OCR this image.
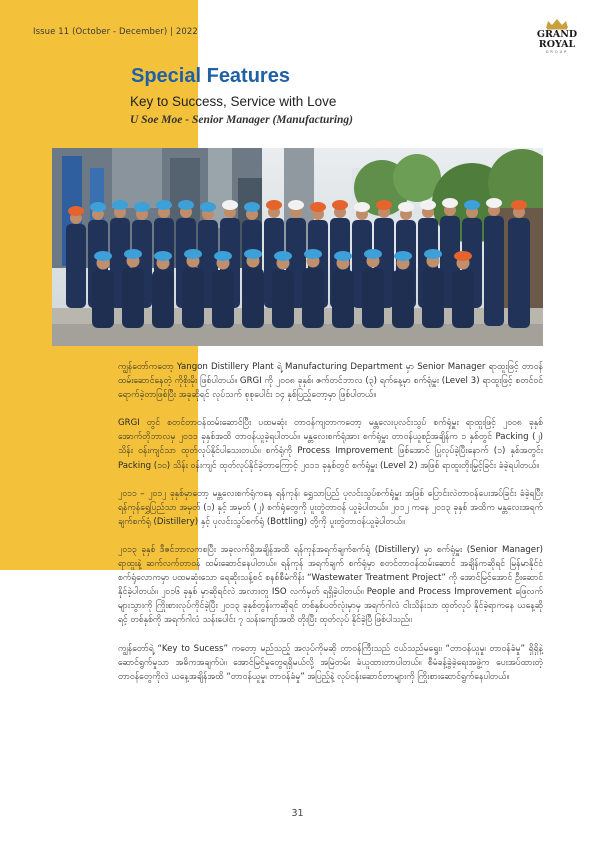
Issue 11 (October - December) | 2022	GRAND
ROYAL
GROUP
Special Features
Key to Success, Service with Love
U Soe Moe - Senior Manager (Manufacturing)

ကျွန်တော်ကတော့ Yangon Distillery Plant ရဲ့ Manufacturing Department မှာ Senior Manager ရာထူးဖြင့် တာဝန်ထမ်းဆောင်နေတဲ့ ကိုစိုးမိုး ဖြစ်ပါတယ်။ GRGI ကို ၂၀၀၈ ခုနှစ်၊ ဇက်တင်ဘာလ (၃) ရက်နေ့မှာ စက်ရုံမှူး (Level 3) ရာထူးဖြင့် စတင်ဝင်ရောက်ခဲ့တာဖြစ်ပြီး အခုဆိုရင် လုပ်သက် စုစုပေါင်း ၁၄ နှစ်ပြည့်တော့မှာ ဖြစ်ပါတယ်။

GRGI တွင် စတင်တာဝန်ထမ်းဆောင်ပြီး ပထမဆုံး တာဝန်ကျတာကတော့ မန္တလေးပုလင်းသွပ် စက်ရုံမှူး ရာထူးဖြင့် ၂၀၀၈ ခုနှစ် အောက်တိုဘာလမှ ၂၀၁၁ ခုနှစ်အထိ တာဝန်ယူခဲ့ရပါတယ်။ မန္တလေးစက်ရုံအား စက်ရုံမှူး တာဝန်ယူစဉ်အချိန်က ၁ နှစ်တွင် Packing (၂) သိန်း ဝန်းကျင်သာ ထုတ်လုပ်နိုင်ပါသေးတယ်။ စက်ရုံကို Process Improvement ဖြစ်အောင် ပြုလုပ်ခဲ့ပြီးနောက် (၁) နှစ်အတွင်း Packing (၁၀) သိန်း ဝန်းကျင် ထုတ်လုပ်နိုင်ခဲ့တာကြောင့် ၂၀၁၁ ခုနှစ်တွင် စက်ရုံမှူး (Level 2) အဖြစ် ရာထူးတိုးမြှင့်ခြင်း ခံခဲ့ရပါတယ်။

၂၀၁၁ – ၂၀၁၂ ခုနှစ်မှာတော့ မန္တလေးစက်ရုံကနေ ရန်ကုန်၊ ရွှေသာပြည် ပုလင်းသွပ်စက်ရုံမှူး အဖြစ် ပြောင်းလဲတာဝန်ပေးအပ်ခြင်း ခံခဲ့ရပြီး ရန်ကုန်ရွှေပြည်သာ အမှတ် (၁) နှင့် အမှတ် (၂) စက်ရုံတွေကို ပူးတွဲတာဝန် ယူခဲ့ပါတယ်။ ၂၀၁၂ ကနေ ၂၀၁၃ ခုနှစ် အထိက မန္တလေးအရက်ချက်စက်ရုံ (Distillery) နှင့် ပုလင်းသွပ်စက်ရုံ (Bottling) တို့ကို ပူးတွဲတာဝန်ယူခဲ့ပါတယ်။

၂၀၁၃ ခုနှစ် ဒီဇင်ဘာလကစပြီး အခုလက်ရှိအချိန်အထိ ရန်ကုန်အရက်ချက်စက်ရုံ (Distillery) မှာ စက်ရုံမှူး (Senior Manager) ရာထူးနဲ့ ဆက်လက်တာဝန် ထမ်းဆောင်နေပါတယ်။ ရန်ကုန် အရက်ချက် စက်ရုံမှာ စတင်တာဝန်ထမ်းဆောင် အချိန်ကဆိုရင် မြန်မာနိုင်ငံစက်ရုံလောကမှာ ပထမဆုံးသော ရေဆိုးသန့်စင် စနစ်စီမံကိန်း “Wastewater Treatment Project” ကို အောင်မြင်အောင် ဦးဆောင်နိုင်ခဲ့ပါတယ်။ ၂၀၁၆ ခုနှစ် မှာဆိုရင်လဲ အလားတူ ISO လက်မှတ် ရရှိခဲ့ပါတယ်။ People and Process Improvement ဖြေလက်များသွားကို ကြိုးစားလုပ်ကိုင်ခဲ့ပြီး ၂၀၁၃ ခုနှစ်တွန်းကဆိုရင် တစ်နှစ်ပတ်လုံးမှာမှ အရက်ဂါလံ ငါးသိန်းသာ ထုတ်လုပ် နိုင်ခဲ့ရာကနေ ယနေ့ဆိုရင့် တစ်နှစ်ကို အရက်ဂါလံ သန်းပေါင်း ၇ သန်းကျော်အထိ တိုးပြီး ထုတ်လုပ် နိုင်ခဲ့ပြီ ဖြစ်ပါသည်။

ကျွန်တော်ရဲ့ “Key to Sucess” ကတော့ မည်သည့် အလုပ်ကိုမဆို တာဝန်ကြီးသည် ငယ်သည်မရွေး၊ “တာဝန်ယူမှု၊ တာဝန်ခံမှု” ရှိရှိနဲ့ ဆောင်ရွက်မှုသာ အဓိကအချက်ပဲ။ အောင်မြင်မှုတွေရရှိမယ်လို့ အမြဲတမ်း ခံယူထားတာပါတယ်။ စီမံခန့်ခွဲခဲ့ရေးအဖွဲ့က ပေးအပ်ထားတဲ့ တာဝန်တွေကိုလဲ ယနေ့အချိန်အထိ “တာဝန်ယူမှု၊ တာဝန်ခံမှု” အပြည့်နဲ့ လုပ်ငန်းဆောင်တာများကို ကြိုးစားဆောင်ရွက်နေပါတယ်။

31
